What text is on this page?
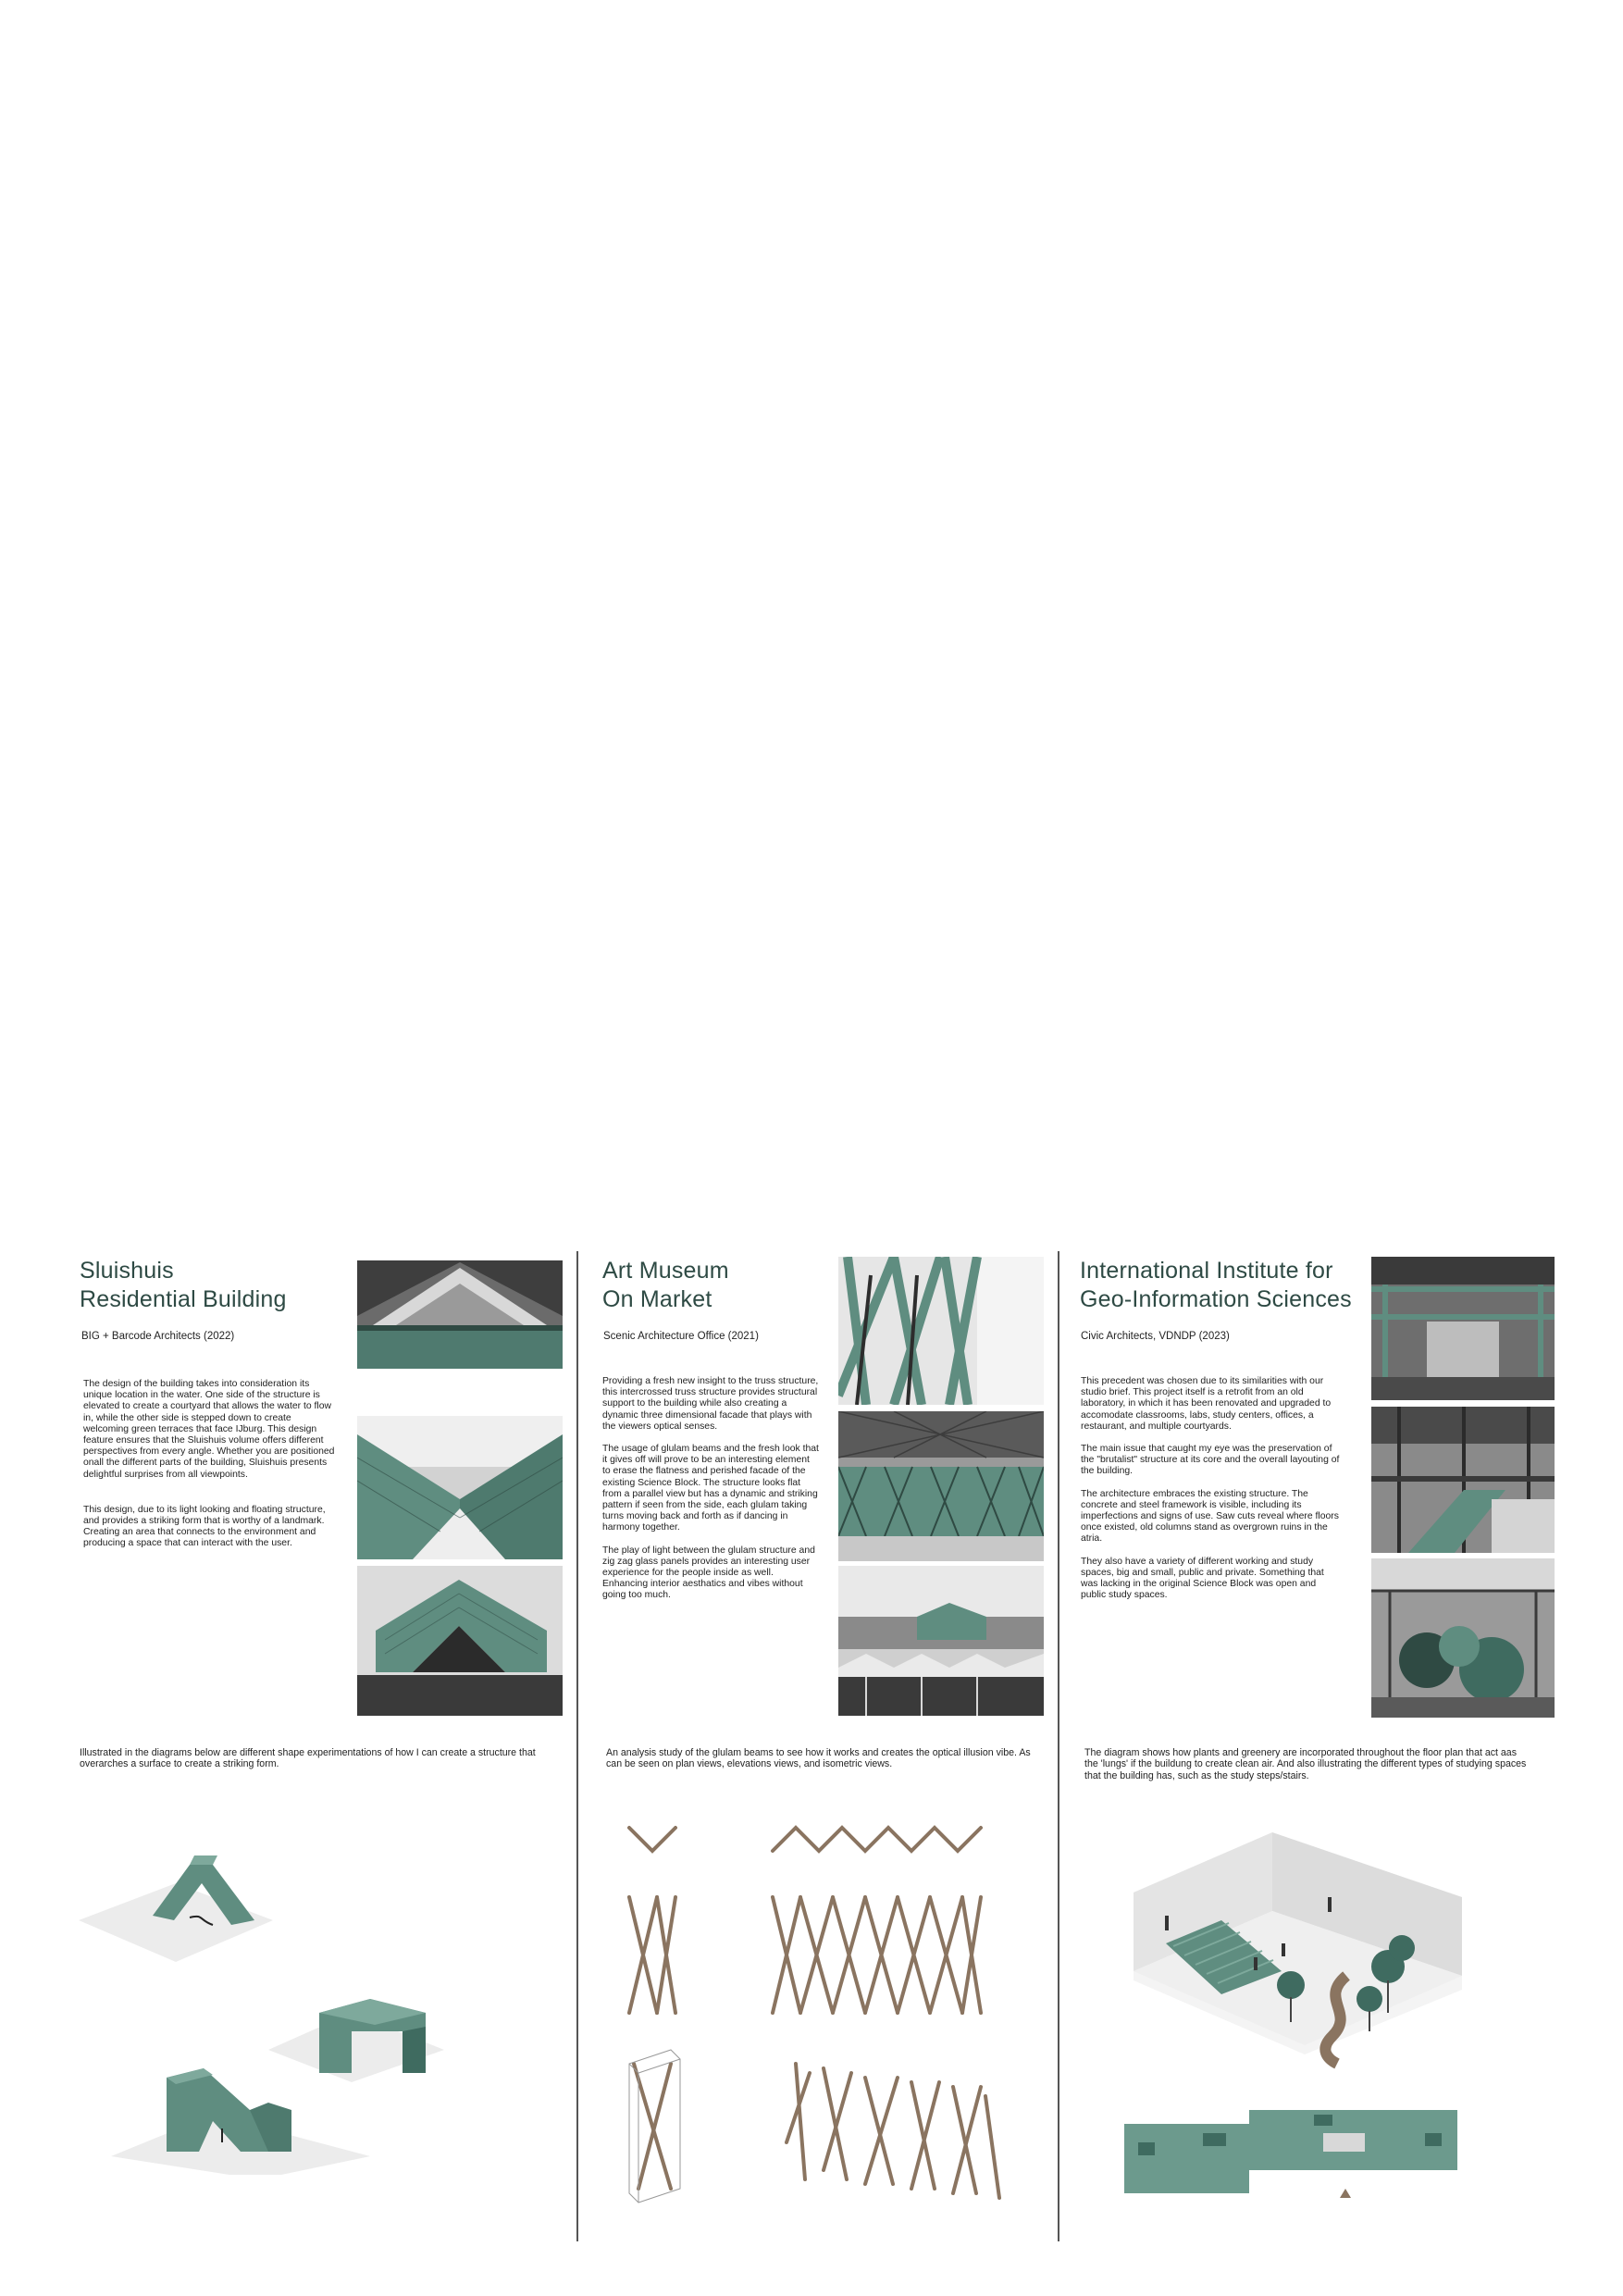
Sluishuis
Residential Building
BIG + Barcode Architects (2022)

The design of the building takes into consideration its unique location in the water. One side of the structure is elevated to create a courtyard that allows the water to flow in, while the other side is stepped down to create welcoming green terraces that face IJburg. This design feature ensures that the Sluishuis volume offers different perspectives from every angle. Whether you are positioned onall the different parts of the building, Sluishuis presents delightful surprises from all viewpoints.

This design, due to its light looking and floating structure, and provides a striking form that is worthy of a landmark. Creating an area that connects to the environment and producing a space that can interact with the user.

Illustrated in the diagrams below are different shape experimentations of how I can create a structure that overarches a surface to create a striking form.
Art Museum
On Market
Scenic Architecture Office (2021)

Providing a fresh new insight to the truss structure, this intercrossed truss structure provides structural support to the building while also creating a dynamic three dimensional facade that plays with the viewers optical senses.

The usage of glulam beams and the fresh look that it gives off will prove to be an interesting element to erase the flatness and perished facade of the existing Science Block. The structure looks flat from a parallel view but has a dynamic and striking pattern if seen from the side, each glulam taking turns moving back and forth as if dancing in harmony together.

The play of light between the glulam structure and zig zag glass panels provides an interesting user experience for the people inside as well. Enhancing interior aesthatics and vibes without going too much.

An analysis study of the glulam beams to see how it works and creates the optical illusion vibe. As can be seen on plan views, elevations views, and isometric views.
International Institute for
Geo-Information Sciences
Civic Architects, VDNDP (2023)

This precedent was chosen due to its similarities with our studio brief. This project itself is a retrofit from an old laboratory, in which it has been renovated and upgraded to accomodate classrooms, labs, study centers, offices, a restaurant, and multiple courtyards.

The main issue that caught my eye was the preservation of the "brutalist" structure at its core and the overall layouting of the building.

The architecture embraces the existing structure. The concrete and steel framework is visible, including its imperfections and signs of use. Saw cuts reveal where floors once existed, old columns stand as overgrown ruins in the atria.

They also have a variety of different working and study spaces, big and small, public and private. Something that was lacking in the original Science Block was open and public study spaces.

The diagram shows how plants and greenery are incorporated throughout the floor plan that act aas the 'lungs' if the buildung to create clean air. And also illustrating the different types of studying spaces that the building has, such as the study steps/stairs.
